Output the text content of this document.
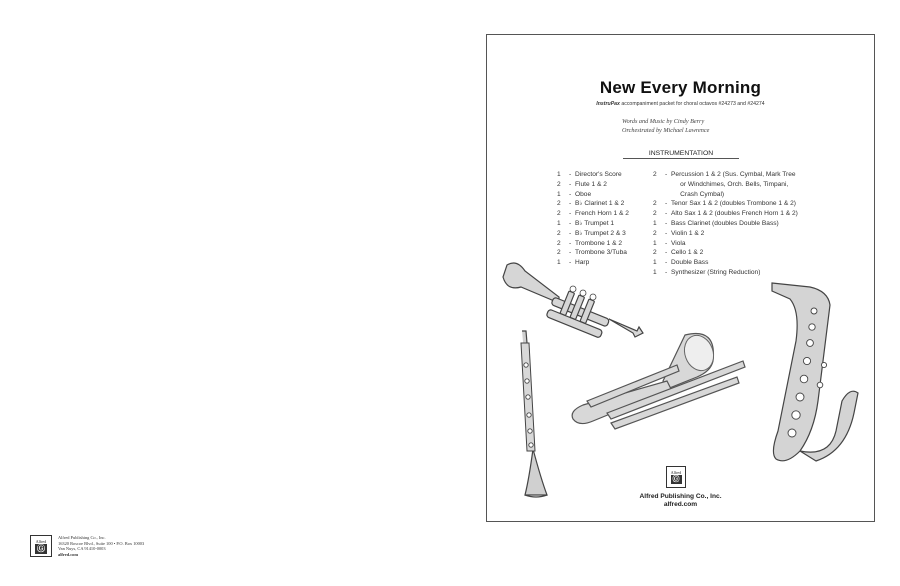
Alfred
Ⓖ
Alfred Publishing Co., Inc.
16320 Roscoe Blvd., Suite 100 • P.O. Box 10003
Van Nuys, CA 91410-0003
alfred.com
New Every Morning
InstruPax accompaniment packet for choral octavos #24273 and #24274
Words and Music by Cindy Berry
Orchestrated by Michael Lawrence
INSTRUMENTATION
1	- Director's Score
2	- Flute 1 & 2
1	- Oboe
2	- B♭ Clarinet 1 & 2
2	- French Horn 1 & 2
1	- B♭ Trumpet 1
2	- B♭ Trumpet 2 & 3
2	- Trombone 1 & 2
2	- Trombone 3/Tuba
1	- Harp
2	- Percussion 1 & 2 (Sus. Cymbal, Mark Tree
or Windchimes, Orch. Bells, Timpani,
Crash Cymbal)
2	- Tenor Sax 1 & 2 (doubles Trombone 1 & 2)
2	- Alto Sax 1 & 2 (doubles French Horn 1 & 2)
1	- Bass Clarinet (doubles Double Bass)
2	- Violin 1 & 2
1	- Viola
2	- Cello 1 & 2
1	- Double Bass
1	- Synthesizer (String Reduction)
Alfred
Ⓖ
Alfred Publishing Co., Inc.
alfred.com
